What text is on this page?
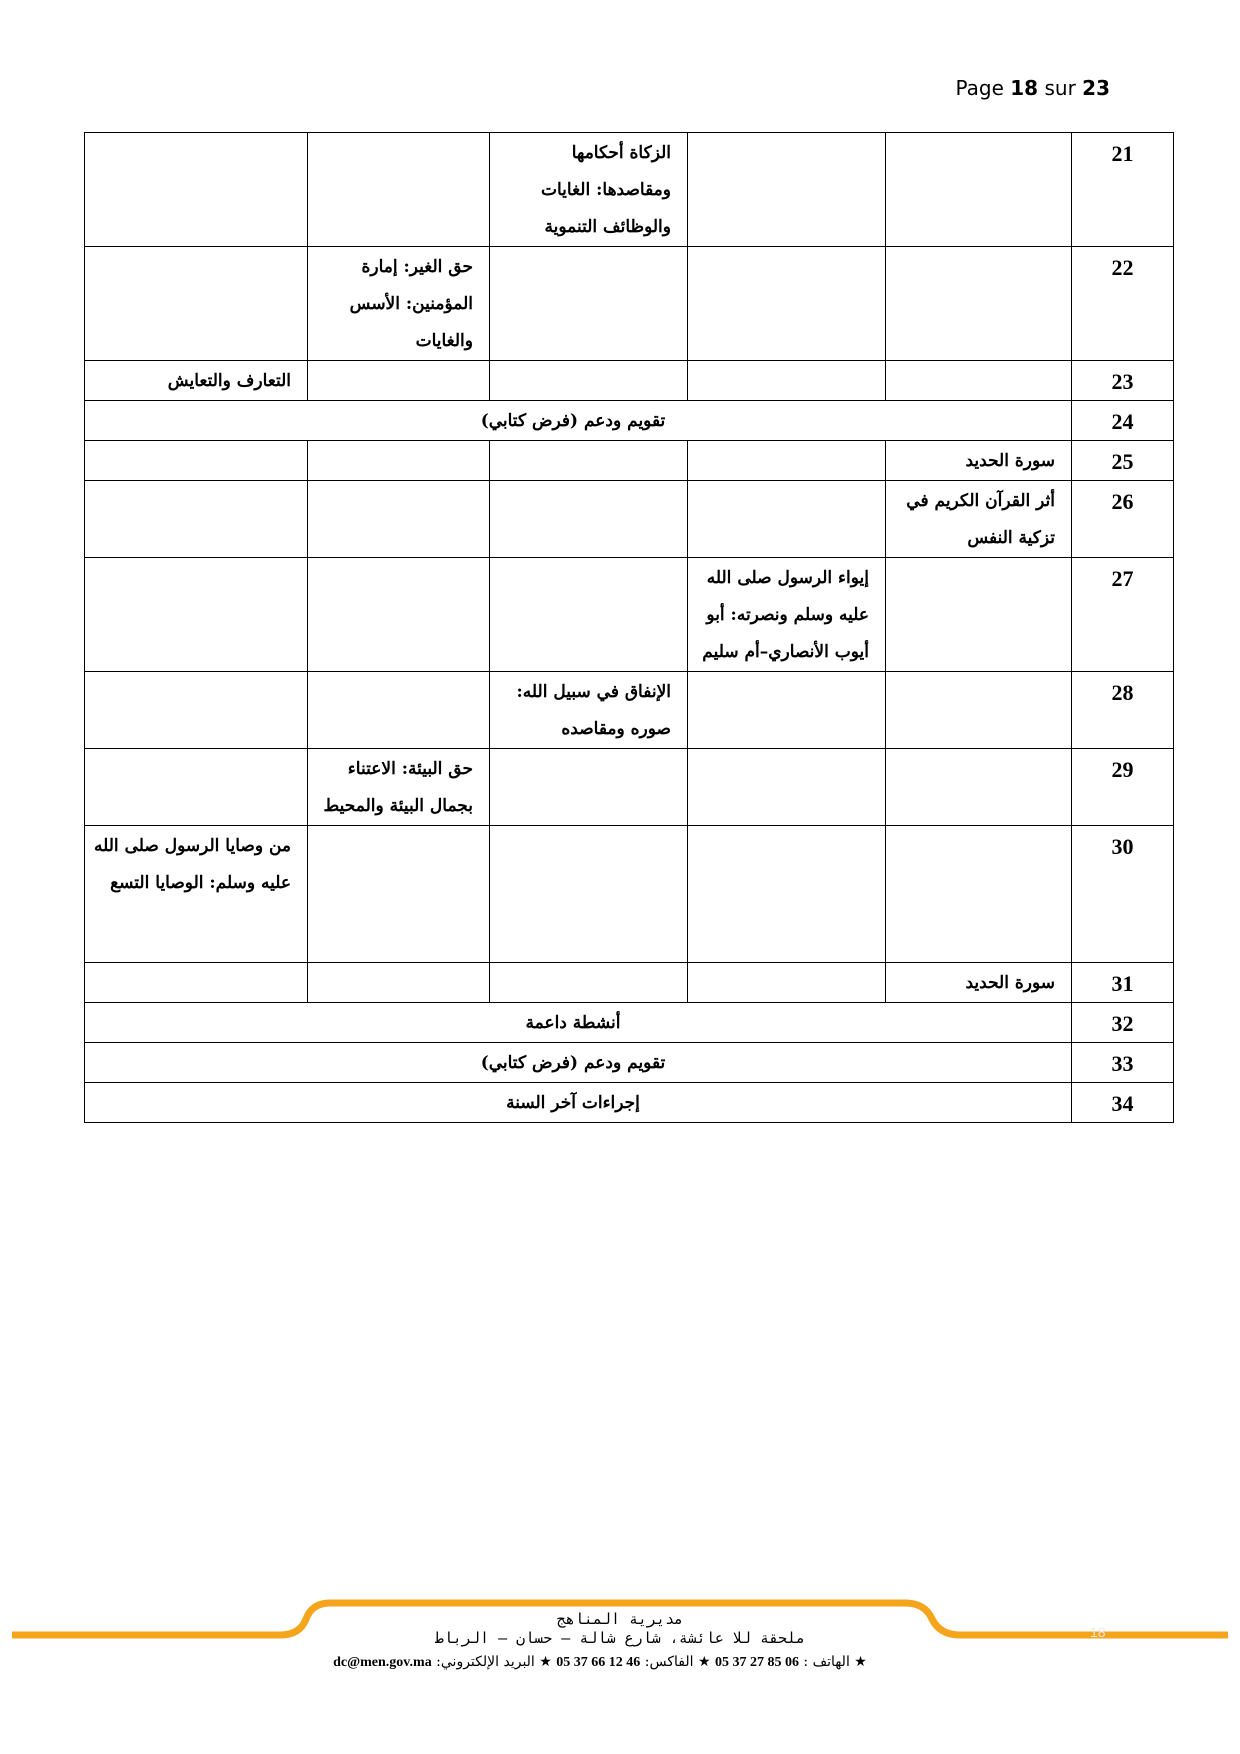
Page 18 sur 23
21			الزكاة أحكامها ومقاصدها: الغايات والوظائف التنموية		
22				حق الغير: إمارة المؤمنين: الأسس والغايات	
23					التعارف والتعايش
24	تقويم ودعم (فرض كتابي)				
25	سورة الحديد				
26	أثر القرآن الكريم في تزكية النفس				
27		إيواء الرسول صلى الله عليه وسلم ونصرته: أبو أيوب الأنصاري–أم سليم			
28			الإنفاق في سبيل الله: صوره ومقاصده		
29				حق البيئة: الاعتناء بجمال البيئة والمحيط	
30					من وصايا الرسول صلى الله عليه وسلم: الوصايا التسع
31	سورة الحديد				
32	أنشطة داعمة				
33	تقويم ودعم (فرض كتابي)				
34	إجراءات آخر السنة				
18
مديرية المناهج
ملحقة للا عائشة، شارع شالة – حسان – الرباط
★ الهاتف : 05 37 27 85 06 ★ الفاكس: 05 37 66 12 46 ★ البريد الإلكتروني: dc@men.gov.ma
